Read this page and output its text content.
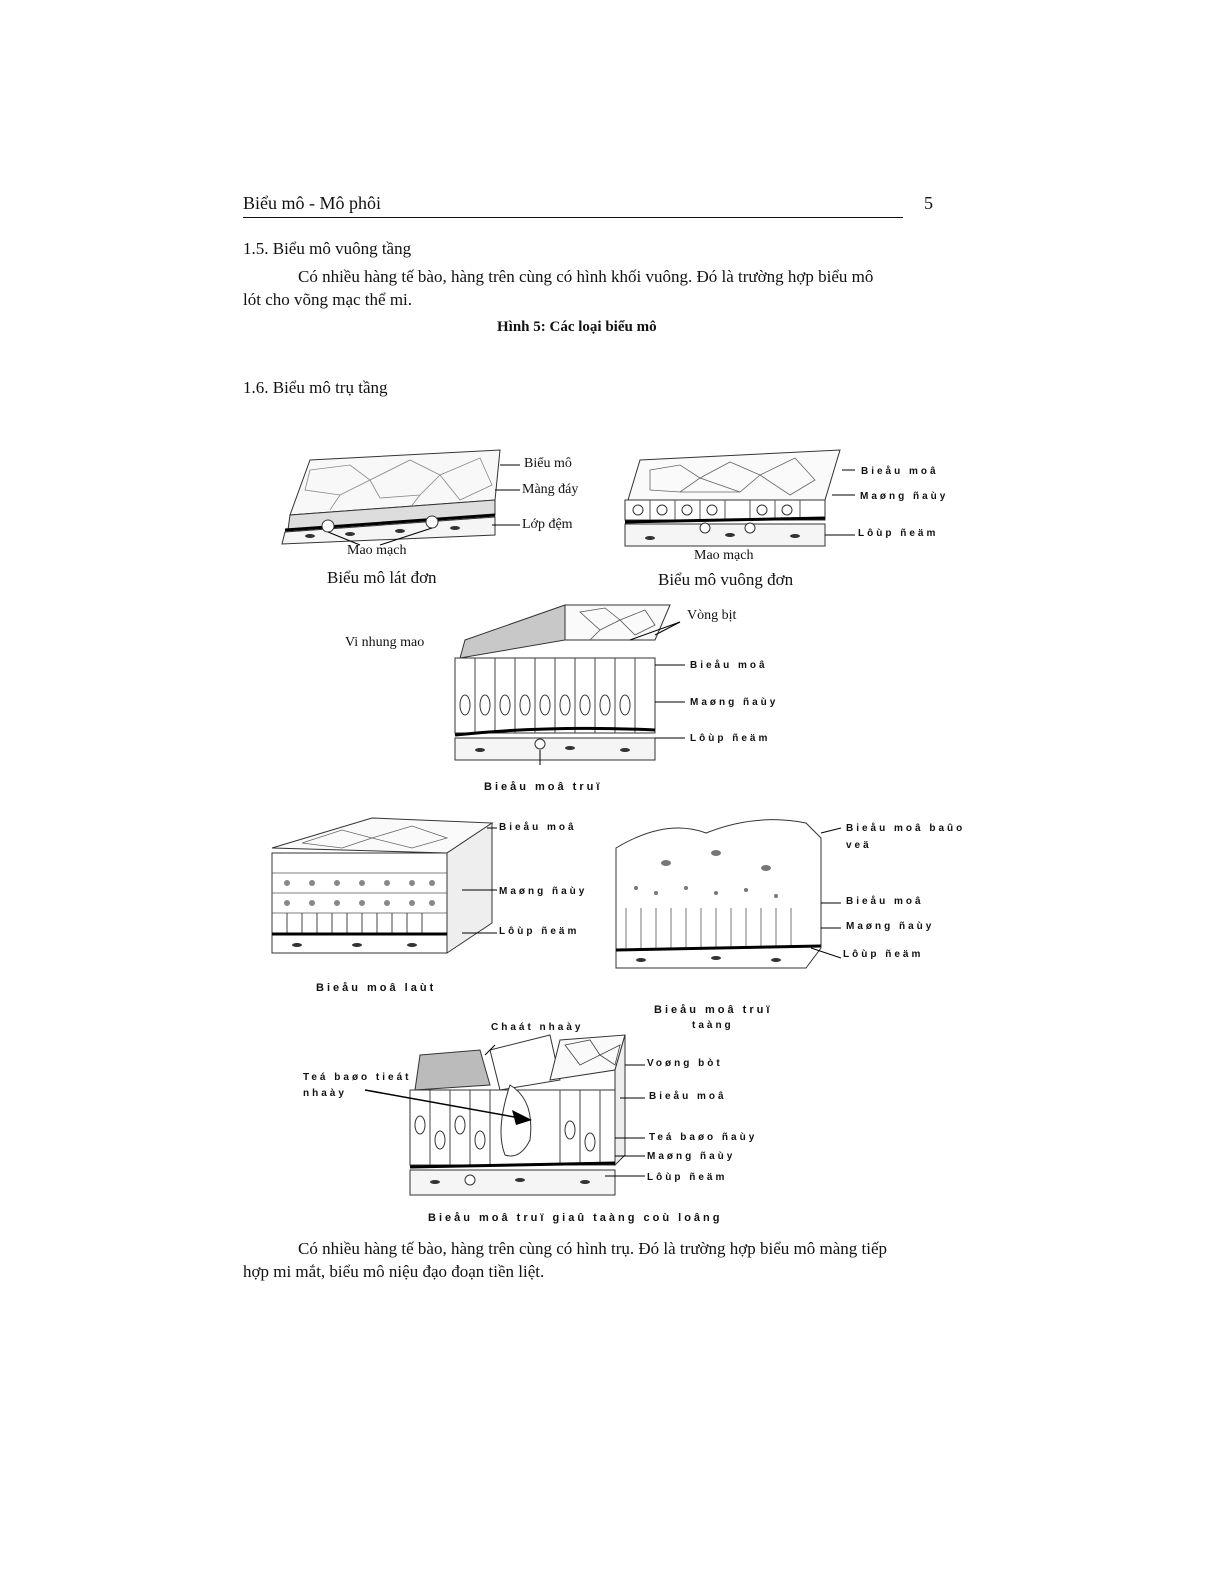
Biểu mô - Mô phôi	5
1.5. Biểu mô vuông tầng
Có nhiều hàng tế bào, hàng trên cùng có hình khối vuông. Đó là trường hợp biểu mô
lót cho võng mạc thể mi.
Hình 5: Các loại biểu mô
1.6. Biểu mô trụ tầng
Biểu mô
Màng đáy
Lớp đệm
Mao mạch
Biểu mô lát đơn
Bieåu moâ
Maøng ñaùy
Lôùp ñeäm
Mao mạch
Biểu mô vuông đơn
Vòng bịt
Vi nhung mao
Bieåu moâ
Maøng ñaùy
Lôùp ñeäm
Bieåu moâ truï
Bieåu moâ
Maøng ñaùy
Lôùp ñeäm
Bieåu moâ laùt
Bieåu moâ baûo
veä
Bieåu moâ
Maøng ñaùy
Lôùp ñeäm
Bieåu moâ truï
taàng
Chaát nhaày
Teá baøo tieát
nhaày
Voøng bòt
Bieåu moâ
Teá baøo ñaùy
Maøng ñaùy
Lôùp ñeäm
Bieåu moâ truï giaû taàng coù loâng
Có nhiều hàng tế bào, hàng trên cùng có hình trụ. Đó là trường hợp biểu mô màng tiếp
hợp mi mắt, biểu mô niệu đạo đoạn tiền liệt.
